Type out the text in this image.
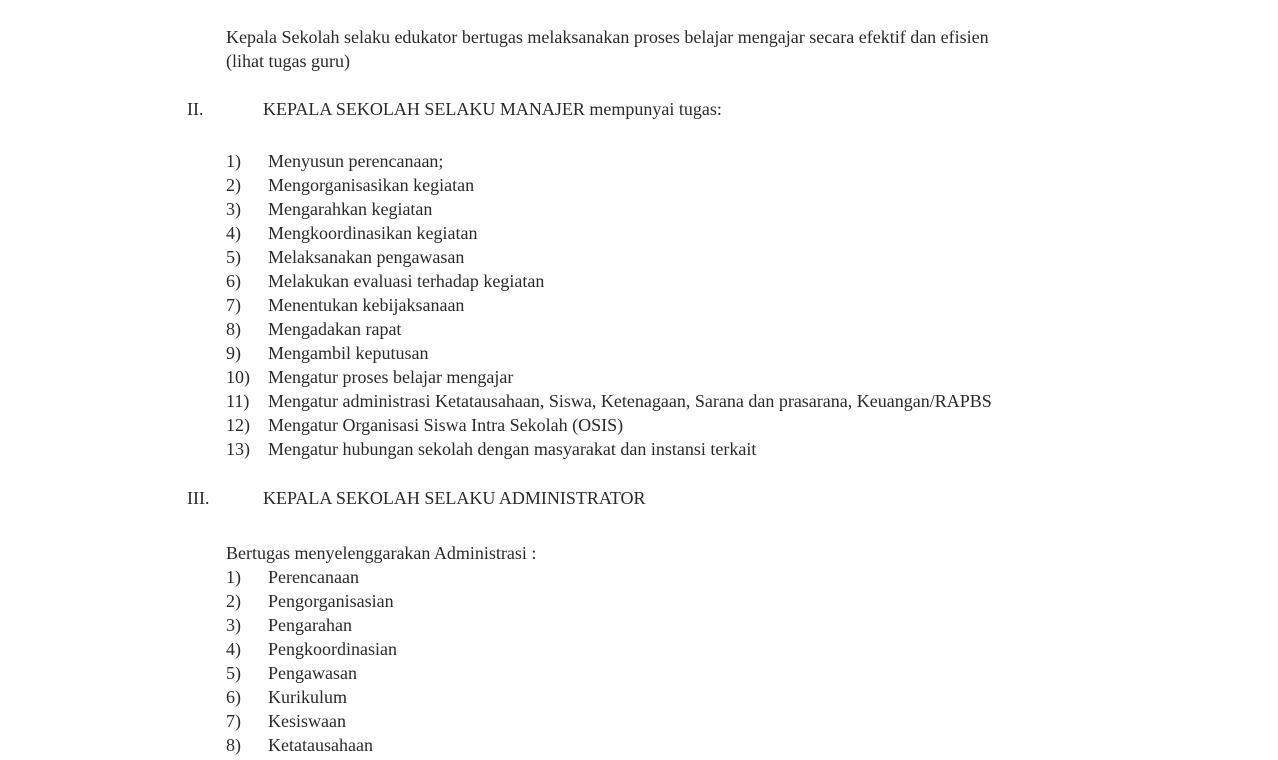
Kepala Sekolah selaku edukator bertugas melaksanakan proses belajar mengajar secara efektif dan efisien

(lihat tugas guru)

II.	KEPALA SEKOLAH SELAKU MANAJER mempunyai tugas:
1) Menyusun perencanaan;
2) Mengorganisasikan kegiatan
3) Mengarahkan kegiatan
4) Mengkoordinasikan kegiatan
5) Melaksanakan pengawasan
6) Melakukan evaluasi terhadap kegiatan
7) Menentukan kebijaksanaan
8) Mengadakan rapat
9) Mengambil keputusan
10) Mengatur proses belajar mengajar
11) Mengatur administrasi Ketatausahaan, Siswa, Ketenagaan, Sarana dan prasarana, Keuangan/RAPBS
12) Mengatur Organisasi Siswa Intra Sekolah (OSIS)
13) Mengatur hubungan sekolah dengan masyarakat dan instansi terkait
III.	KEPALA SEKOLAH SELAKU ADMINISTRATOR
Bertugas menyelenggarakan Administrasi :
1) Perencanaan
2) Pengorganisasian
3) Pengarahan
4) Pengkoordinasian
5) Pengawasan
6) Kurikulum
7) Kesiswaan
8) Ketatausahaan
